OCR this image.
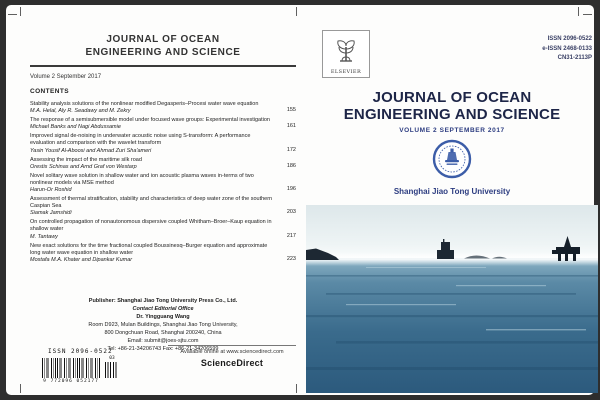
JOURNAL OF OCEAN
ENGINEERING AND SCIENCE
Volume 2 September 2017
CONTENTS
Stability analysis solutions of the nonlinear modified Degasperis–Procesi water wave equation
M.A. Helal, Aly R. Seadawy and M. Zekry	155
The response of a semisubmersible model under focused wave groups: Experimental investigation
Michael Banks and Nagi Abdussamie	161
Improved signal de-noising in underwater acoustic noise using S-transform: A performance evaluation and comparison with the wavelet transform
Yasin Yousif Al-Aboosi and Ahmad Zuri Sha'ameri	172
Assessing the impact of the maritime silk road
Orestis Schinas and Arnd Graf von Westarp	186
Novel solitary wave solution in shallow water and ion acoustic plasma waves in-terms of two nonlinear models via MSE method
Harun-Or Roshid	196
Assessment of thermal stratification, stability and characteristics of deep water zone of the southern Caspian Sea
Siamak Jamshidi	203
On controlled propagation of nonautonomous dispersive coupled Whitham–Broer–Kaup equation in shallow water
M. Tantawy	217
New exact solutions for the time fractional coupled Boussinesq–Burger equation and approximate long water wave equation in shallow water
Mostafa M.A. Khater and Dipankar Kumar	223
Publisher: Shanghai Jiao Tong University Press Co., Ltd.
Contact Editorial Office
Dr. Yingguang Wang
Room D923, Mulan Buildings, Shanghai Jiao Tong University,
800 Dongchuan Road, Shanghai 200240, China
Email: submit@joes-sjtu.com
Tel: +86-21-34206743 Fax: +86-21-34206599
ISSN 2096-0522
9 772096 052177
03
Available online at www.sciencedirect.com
ScienceDirect
ELSEVIER
ISSN 2096-0522
e-ISSN 2468-0133
CN31-2113P
JOURNAL OF OCEAN
ENGINEERING AND SCIENCE
VOLUME 2 SEPTEMBER 2017
Shanghai Jiao Tong University
